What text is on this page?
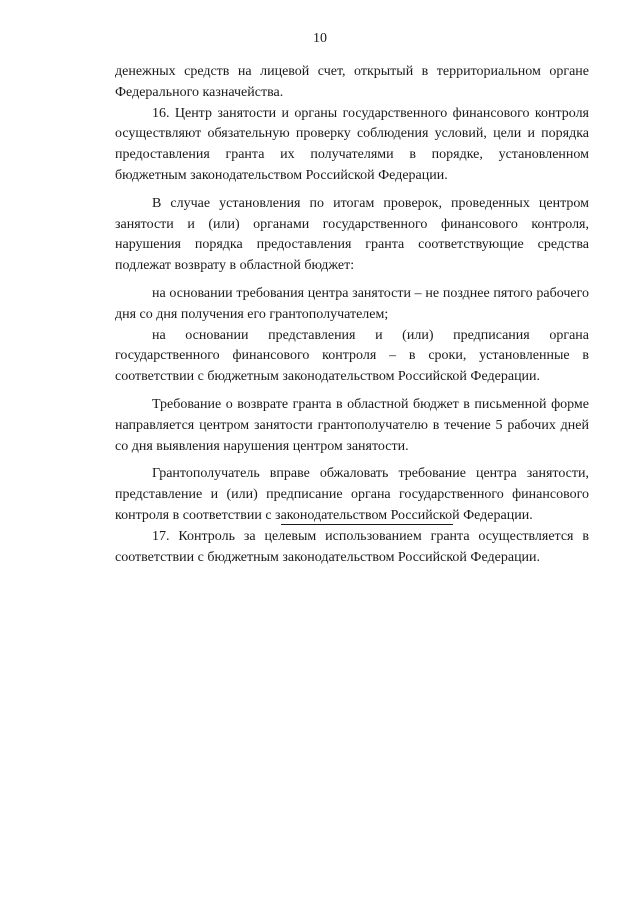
10

денежных средств на лицевой счет, открытый в территориальном органе Федерального казначейства.

16. Центр занятости и органы государственного финансового контроля осуществляют обязательную проверку соблюдения условий, цели и порядка предоставления гранта их получателями в порядке, установленном бюджетным законодательством Российской Федерации.

В случае установления по итогам проверок, проведенных центром занятости и (или) органами государственного финансового контроля, нарушения порядка предоставления гранта соответствующие средства подлежат возврату в областной бюджет:

на основании требования центра занятости – не позднее пятого рабочего дня со дня получения его грантополучателем;

на основании представления и (или) предписания органа государственного финансового контроля – в сроки, установленные в соответствии с бюджетным законодательством Российской Федерации.

Требование о возврате гранта в областной бюджет в письменной форме направляется центром занятости грантополучателю в течение 5 рабочих дней со дня выявления нарушения центром занятости.

Грантополучатель вправе обжаловать требование центра занятости, представление и (или) предписание органа государственного финансового контроля в соответствии с законодательством Российской Федерации.

17. Контроль за целевым использованием гранта осуществляется в соответствии с бюджетным законодательством Российской Федерации.
